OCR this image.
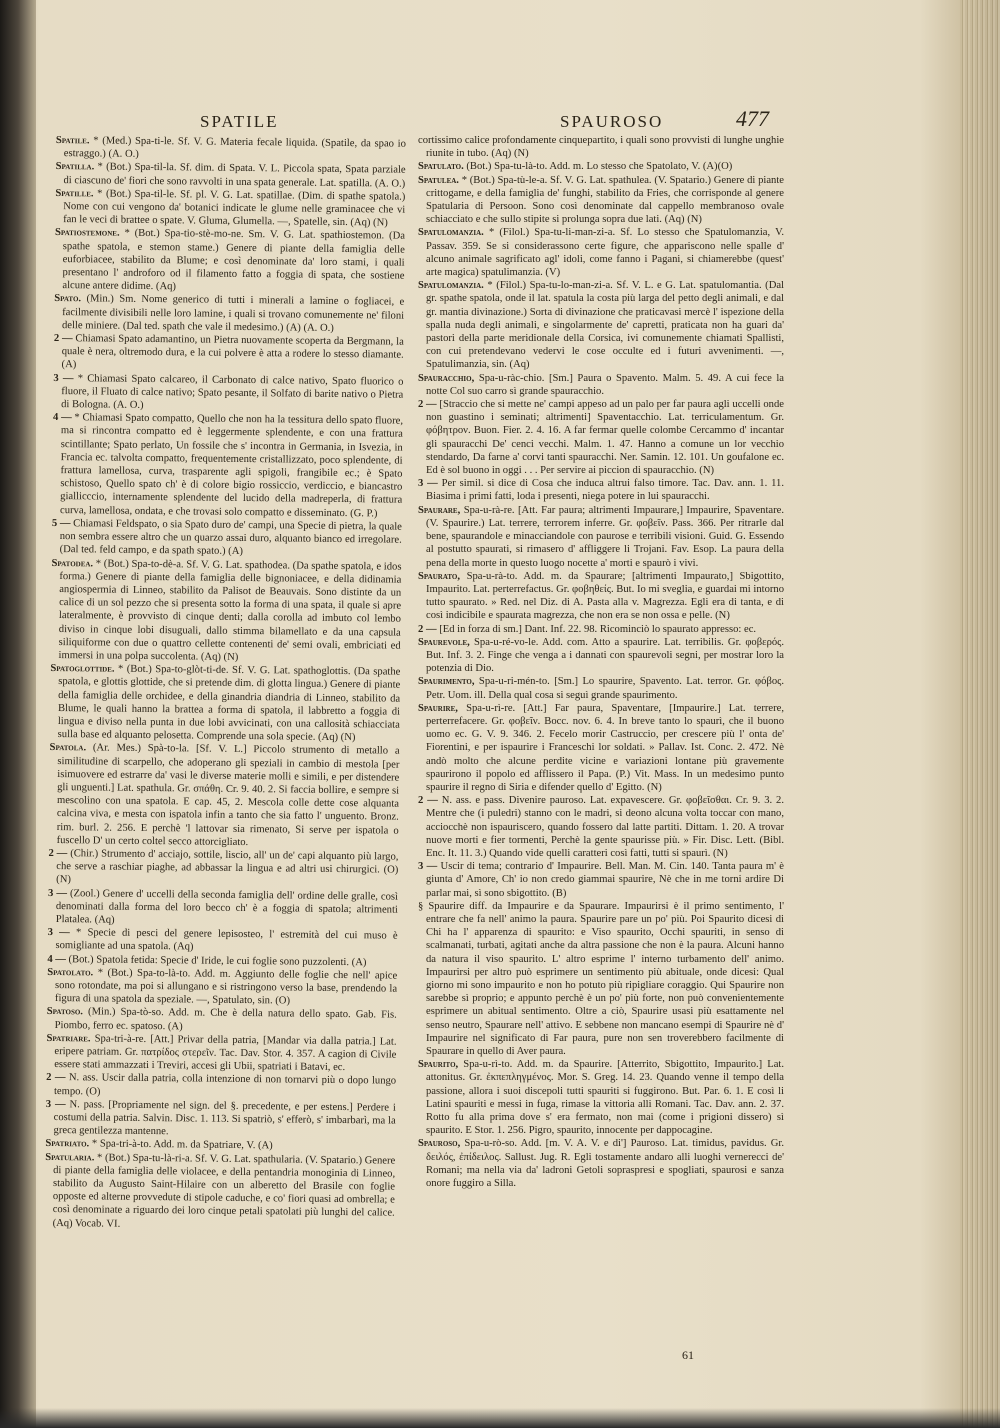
SPATILE	SPAUROSO	477

Spatile. * (Med.) Spa-ti-le. Sf. V. G. Materia fecale liquida. (Spatile, da spao io estraggo.) (A. O.)

Spatilla. * (Bot.) Spa-til-la. Sf. dim. di Spata. V. L. Piccola spata, Spata parziale di ciascuno de' fiori che sono ravvolti in una spata generale. Lat. spatilla. (A. O.)

Spatille. * (Bot.) Spa-til-le. Sf. pl. V. G. Lat. spatillae. (Dim. di spathe spatola.) Nome con cui vengono da' botanici indicate le glume nelle graminacee che vi fan le veci di brattee o spate. V. Gluma, Glumella. —, Spatelle, sin. (Aq) (N)

Spatiostemone. * (Bot.) Spa-tio-stè-mo-ne. Sm. V. G. Lat. spathiostemon. (Da spathe spatola, e stemon stame.) Genere di piante della famiglia delle euforbiacee, stabilito da Blume; e così denominate da' loro stami, i quali presentano l' androforo od il filamento fatto a foggia di spata, che sostiene alcune antere didime. (Aq)

Spato. (Min.) Sm. Nome generico di tutti i minerali a lamine o fogliacei, e facilmente divisibili nelle loro lamine, i quali si trovano comunemente ne' filoni delle miniere. (Dal ted. spath che vale il medesimo.) (A) (A. O.)

2 — Chiamasi Spato adamantino, un Pietra nuovamente scoperta da Bergmann, la quale è nera, oltremodo dura, e la cui polvere è atta a rodere lo stesso diamante. (A)

3 — * Chiamasi Spato calcareo, il Carbonato di calce nativo, Spato fluorico o fluore, il Fluato di calce nativo; Spato pesante, il Solfato di barite nativo o Pietra di Bologna. (A. O.)

4 — * Chiamasi Spato compatto, Quello che non ha la tessitura dello spato fluore, ma si rincontra compatto ed è leggermente splendente, e con una frattura scintillante; Spato perlato, Un fossile che s' incontra in Germania, in Isvezia, in Francia ec. talvolta compatto, frequentemente cristallizzato, poco splendente, di frattura lamellosa, curva, trasparente agli spigoli, frangibile ec.; è Spato schistoso, Quello spato ch' è di colore bigio rossiccio, verdiccio, e biancastro giallicccio, internamente splendente del lucido della madreperla, di frattura curva, lamellosa, ondata, e che trovasi solo compatto e disseminato. (G. P.)

5 — Chiamasi Feldspato, o sia Spato duro de' campi, una Specie di pietra, la quale non sembra essere altro che un quarzo assai duro, alquanto bianco ed irregolare. (Dal ted. feld campo, e da spath spato.) (A)

Spatodea. * (Bot.) Spa-to-dè-a. Sf. V. G. Lat. spathodea. (Da spathe spatola, e idos forma.) Genere di piante della famiglia delle bignoniacee, e della didinamia angiospermia di Linneo, stabilito da Palisot de Beauvais. Sono distinte da un calice di un sol pezzo che si presenta sotto la forma di una spata, il quale si apre lateralmente, è provvisto di cinque denti; dalla corolla ad imbuto col lembo diviso in cinque lobi disuguali, dallo stimma bilamellato e da una capsula siliquiforme con due o quattro cellette contenenti de' semi ovali, embriciati ed immersi in una polpa succolenta. (Aq) (N)

Spatoglottide. * (Bot.) Spa-to-glòt-ti-de. Sf. V. G. Lat. spathoglottis. (Da spathe spatola, e glottis glottide, che si pretende dim. di glotta lingua.) Genere di piante della famiglia delle orchidee, e della ginandria diandria di Linneo, stabilito da Blume, le quali hanno la brattea a forma di spatola, il labbretto a foggia di lingua e diviso nella punta in due lobi avvicinati, con una callosità schiacciata sulla base ed alquanto pelosetta. Comprende una sola specie. (Aq) (N)

Spatola. (Ar. Mes.) Spà-to-la. [Sf. V. L.] Piccolo strumento di metallo a similitudine di scarpello, che adoperano gli speziali in cambio di mestola [per isimuovere ed estrarre da' vasi le diverse materie molli e simili, e per distendere gli unguenti.] Lat. spathula. Gr. σπάθη. Cr. 9. 40. 2. Si faccia bollire, e sempre si mescolino con una spatola. E cap. 45, 2. Mescola colle dette cose alquanta calcina viva, e mesta con ispatola infin a tanto che sia fatto l' unguento. Bronz. rim. burl. 2. 256. E perchè 'l lattovar sia rimenato, Si serve per ispatola o fuscello D' un certo coltel secco attorcigliato.

2 — (Chir.) Strumento d' acciajo, sottile, liscio, all' un de' capi alquanto più largo, che serve a raschiar piaghe, ad abbassar la lingua e ad altri usi chirurgici. (O) (N)

3 — (Zool.) Genere d' uccelli della seconda famiglia dell' ordine delle gralle, così denominati dalla forma del loro becco ch' è a foggia di spatola; altrimenti Platalea. (Aq)

3 — * Specie di pesci del genere lepisosteo, l' estremità del cui muso è somigliante ad una spatola. (Aq)

4 — (Bot.) Spatola fetida: Specie d' Iride, le cui foglie sono puzzolenti. (A)

Spatolato. * (Bot.) Spa-to-là-to. Add. m. Aggiunto delle foglie che nell' apice sono rotondate, ma poi si allungano e si ristringono verso la base, prendendo la figura di una spatola da speziale. —, Spatulato, sin. (O)

Spatoso. (Min.) Spa-tò-so. Add. m. Che è della natura dello spato. Gab. Fis. Piombo, ferro ec. spatoso. (A)

Spatriare. Spa-tri-à-re. [Att.] Privar della patria, [Mandar via dalla patria.] Lat. eripere patriam. Gr. πατρίδος στερεῖν. Tac. Dav. Stor. 4. 357. A cagion di Civile essere stati ammazzati i Treviri, accesi gli Ubii, spatriati i Batavi, ec.

2 — N. ass. Uscir dalla patria, colla intenzione di non tornarvi più o dopo lungo tempo. (O)

3 — N. pass. [Propriamente nel sign. del §. precedente, e per estens.] Perdere i costumi della patria. Salvin. Disc. 1. 113. Si spatriò, s' efferò, s' imbarbarì, ma la greca gentilezza mantenne.

Spatriato. * Spa-tri-à-to. Add. m. da Spatriare, V. (A)

Spatularia. * (Bot.) Spa-tu-là-ri-a. Sf. V. G. Lat. spathularia. (V. Spatario.) Genere di piante della famiglia delle violacee, e della pentandria monoginia di Linneo, stabilito da Augusto Saint-Hilaire con un alberetto del Brasile con foglie opposte ed alterne provvedute di stipole caduche, e co' fiori quasi ad ombrella; e così denominate a riguardo dei loro cinque petali spatolati più lunghi del calice. (Aq) Vocab. VI.

cortissimo calice profondamente cinquepartito, i quali sono provvisti di lunghe unghie riunite in tubo. (Aq) (N)

Spatulato. (Bot.) Spa-tu-là-to. Add. m. Lo stesso che Spatolato, V. (A)(O)

Spatulea. * (Bot.) Spa-tù-le-a. Sf. V. G. Lat. spathulea. (V. Spatario.) Genere di piante crittogame, e della famiglia de' funghi, stabilito da Fries, che corrisponde al genere Spatularia di Persoon. Sono così denominate dal cappello membranoso ovale schiacciato e che sullo stipite si prolunga sopra due lati. (Aq) (N)

Spatulomanzia. * (Filol.) Spa-tu-li-man-zi-a. Sf. Lo stesso che Spatulomanzia, V. Passav. 359. Se si considerassono certe figure, che appariscono nelle spalle d' alcuno animale sagrificato agl' idoli, come fanno i Pagani, si chiamerebbe (quest' arte magica) spatulimanzia. (V)

Spatulomanzia. * (Filol.) Spa-tu-lo-man-zi-a. Sf. V. L. e G. Lat. spatulomantia. (Dal gr. spathe spatola, onde il lat. spatula la costa più larga del petto degli animali, e dal gr. mantia divinazione.) Sorta di divinazione che praticavasi mercè l' ispezione della spalla nuda degli animali, e singolarmente de' capretti, praticata non ha guari da' pastori della parte meridionale della Corsica, ivi comunemente chiamati Spallisti, con cui pretendevano vedervi le cose occulte ed i futuri avvenimenti. —, Spatulimanzia, sin. (Aq)

Spauracchio, Spa-u-ràc-chio. [Sm.] Paura o Spavento. Malm. 5. 49. A cui fece la notte Col suo carro sì grande spauracchio.

2 — [Straccio che si mette ne' campi appeso ad un palo per far paura agli uccelli onde non guastino i seminati; altrimenti] Spaventacchio. Lat. terriculamentum. Gr. φόβητρον. Buon. Fier. 2. 4. 16. A far fermar quelle colombe Cercammo d' incantar gli spauracchi De' cenci vecchi. Malm. 1. 47. Hanno a comune un lor vecchio stendardo, Da farne a' corvi tanti spauracchi. Ner. Samin. 12. 101. Un goufalone ec. Ed è sol buono in oggi . . . Per servire ai piccion di spauracchio. (N)

3 — Per simil. si dice di Cosa che induca altrui falso timore. Tac. Dav. ann. 1. 11. Biasima i primi fatti, loda i presenti, niega potere in lui spauracchi.

Spaurare, Spa-u-rà-re. [Att. Far paura; altrimenti Impaurare,] Impaurire, Spaventare. (V. Spaurire.) Lat. terrere, terrorem inferre. Gr. φοβεῖν. Pass. 366. Per ritrarle dal bene, spaurandole e minacciandole con paurose e terribili visioni. Guid. G. Essendo al postutto spaurati, si rimasero d' affliggere li Trojani. Fav. Esop. La paura della pena della morte in questo luogo nocette a' morti e spaurò i vivi.

Spaurato, Spa-u-rà-to. Add. m. da Spaurare; [altrimenti Impaurato,] Sbigottito, Impaurito. Lat. perterrefactus. Gr. φοβηθείς. But. Io mi sveglia, e guardai mi intorno tutto spaurato. » Red. nel Diz. di A. Pasta alla v. Magrezza. Egli era di tanta, e di così indicibile e spaurata magrezza, che non era se non ossa e pelle. (N)

2 — [Ed in forza di sm.] Dant. Inf. 22. 98. Ricominciò lo spaurato appresso: ec.

Spaurevole, Spa-u-ré-vo-le. Add. com. Atto a spaurire. Lat. terribilis. Gr. φοβερός. But. Inf. 3. 2. Finge che venga a i dannati con spaurevoli segni, per mostrar loro la potenzia di Dio.

Spaurimento, Spa-u-ri-mén-to. [Sm.] Lo spaurire, Spavento. Lat. terror. Gr. φόβος. Petr. Uom. ill. Della qual cosa si seguì grande spaurimento.

Spaurire, Spa-u-rì-re. [Att.] Far paura, Spaventare, [Impaurire.] Lat. terrere, perterrefacere. Gr. φοβεῖν. Bocc. nov. 6. 4. In breve tanto lo spaurì, che il buono uomo ec. G. V. 9. 346. 2. Fecelo morir Castruccio, per crescere più l' onta de' Fiorentini, e per ispaurire i Franceschi lor soldati. » Pallav. Ist. Conc. 2. 472. Nè andò molto che alcune perdite vicine e variazioni lontane più gravemente spaurirono il popolo ed afflissero il Papa. (P.) Vit. Mass. In un medesimo punto spaurire il regno di Siria e difender quello d' Egitto. (N)

2 — N. ass. e pass. Divenire pauroso. Lat. expavescere. Gr. φοβεῖσθαι. Cr. 9. 3. 2. Mentre che (i puledri) stanno con le madri, si deono alcuna volta toccar con mano, acciocchè non ispauriscero, quando fossero dal latte partiti. Dittam. 1. 20. A trovar nuove morti e fier tormenti, Perchè la gente spaurisse più. » Fir. Disc. Lett. (Bibl. Enc. It. 11. 3.) Quando vide quelli caratteri così fatti, tutti si spaurì. (N)

3 — Uscir di tema; contrario d' Impaurire. Bell. Man. M. Cin. 140. Tanta paura m' è giunta d' Amore, Ch' io non credo giammai spaurire, Nè che in me torni ardire Di parlar mai, sì sono sbigottito. (B)

§ Spaurire diff. da Impaurire e da Spaurare. Impaurirsi è il primo sentimento, l' entrare che fa nell' animo la paura. Spaurire pare un po' più. Poi Spaurito dicesi di Chi ha l' apparenza di spaurito: e Viso spaurito, Occhi spauriti, in senso di scalmanati, turbati, agitati anche da altra passione che non è la paura. Alcuni hanno da natura il viso spaurito. L' altro esprime l' interno turbamento dell' animo. Impaurirsi per altro può esprimere un sentimento più abituale, onde dicesi: Qual giorno mi sono impaurito e non ho potuto più ripigliare coraggio. Qui Spaurire non sarebbe sì proprio; e appunto perchè è un po' più forte, non può convenientemente esprimere un abitual sentimento. Oltre a ciò, Spaurire usasi più esattamente nel senso neutro, Spaurare nell' attivo. E sebbene non mancano esempi di Spaurire nè d' Impaurire nel significato di Far paura, pure non sen troverebbero facilmente di Spaurare in quello di Aver paura.

Spaurito, Spa-u-rì-to. Add. m. da Spaurire. [Atterrito, Sbigottito, Impaurito.] Lat. attonitus. Gr. ἐκπεπληγμένος. Mor. S. Greg. 14. 23. Quando venne il tempo della passione, allora i suoi discepoli tutti spauriti si fuggirono. But. Par. 6. 1. E così li Latini spauriti e messi in fuga, rimase la vittoria alli Romani. Tac. Dav. ann. 2. 37. Rotto fu alla prima dove s' era fermato, non mai (come i prigioni dissero) sì spaurito. E Stor. 1. 256. Pigro, spaurito, innocente per dappocagine.

Spauroso, Spa-u-rò-so. Add. [m. V. A. V. e di'] Pauroso. Lat. timidus, pavidus. Gr. δειλός, ἐπίδειλος. Sallust. Jug. R. Egli tostamente andaro alli luoghi vernerecci de' Romani; ma nella via da' ladroni Getoli sopraspresi e spogliati, spaurosi e sanza onore fuggiro a Silla.

61
